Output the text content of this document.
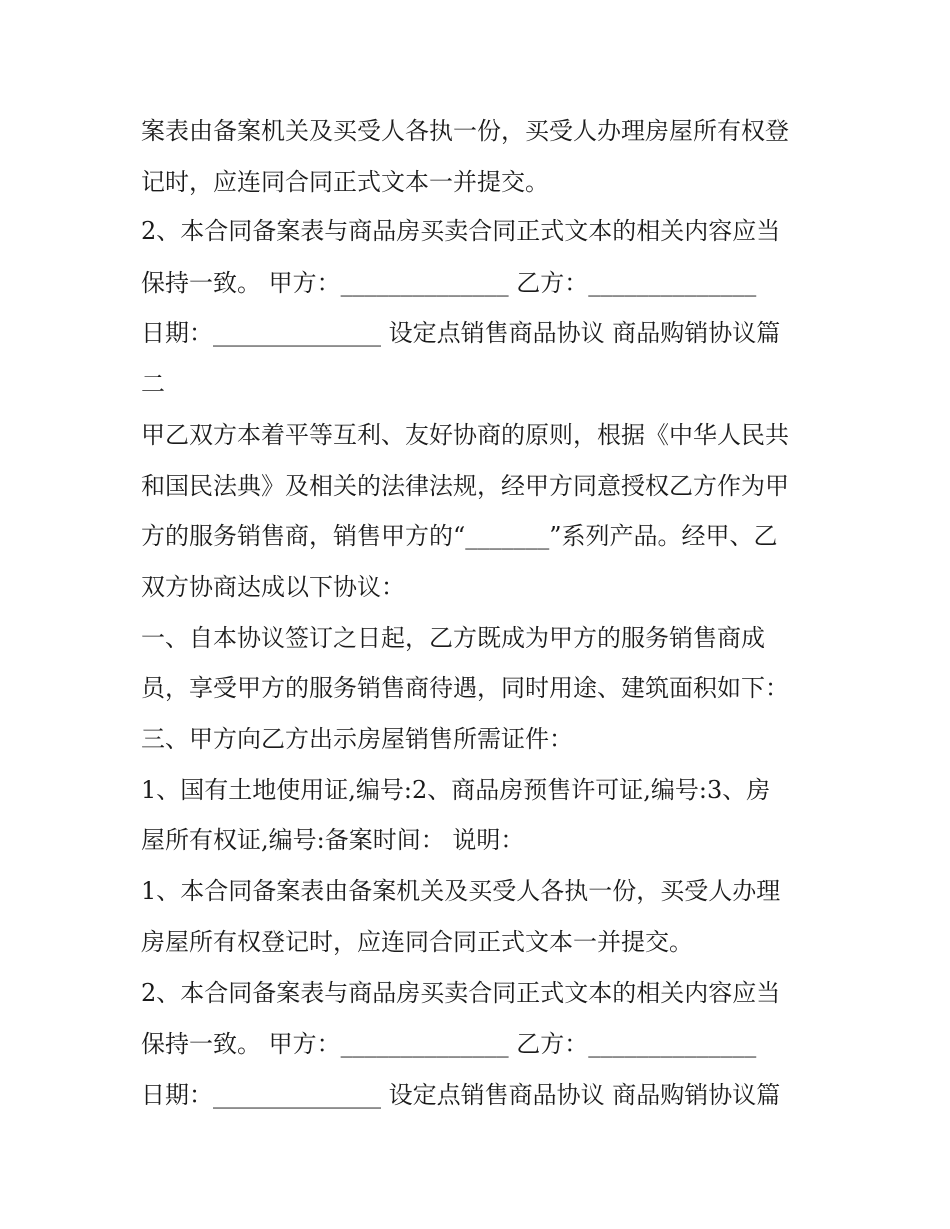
案表由备案机关及买受人各执一份，买受人办理房屋所有权登
记时，应连同合同正式文本一并提交。
2、本合同备案表与商品房买卖合同正式文本的相关内容应当
保持一致。 甲方：______________ 乙方：______________
日期：______________ 设定点销售商品协议 商品购销协议篇
二
甲乙双方本着平等互利、友好协商的原则，根据《中华人民共
和国民法典》及相关的法律法规，经甲方同意授权乙方作为甲
方的服务销售商，销售甲方的“_______”系列产品。经甲、乙
双方协商达成以下协议：
一、自本协议签订之日起，乙方既成为甲方的服务销售商成
员，享受甲方的服务销售商待遇，同时用途、建筑面积如下：
三、甲方向乙方出示房屋销售所需证件：
1、国有土地使用证,编号:2、商品房预售许可证,编号:3、房
屋所有权证,编号:备案时间： 说明：
1、本合同备案表由备案机关及买受人各执一份，买受人办理
房屋所有权登记时，应连同合同正式文本一并提交。
2、本合同备案表与商品房买卖合同正式文本的相关内容应当
保持一致。 甲方：______________ 乙方：______________
日期：______________ 设定点销售商品协议 商品购销协议篇
